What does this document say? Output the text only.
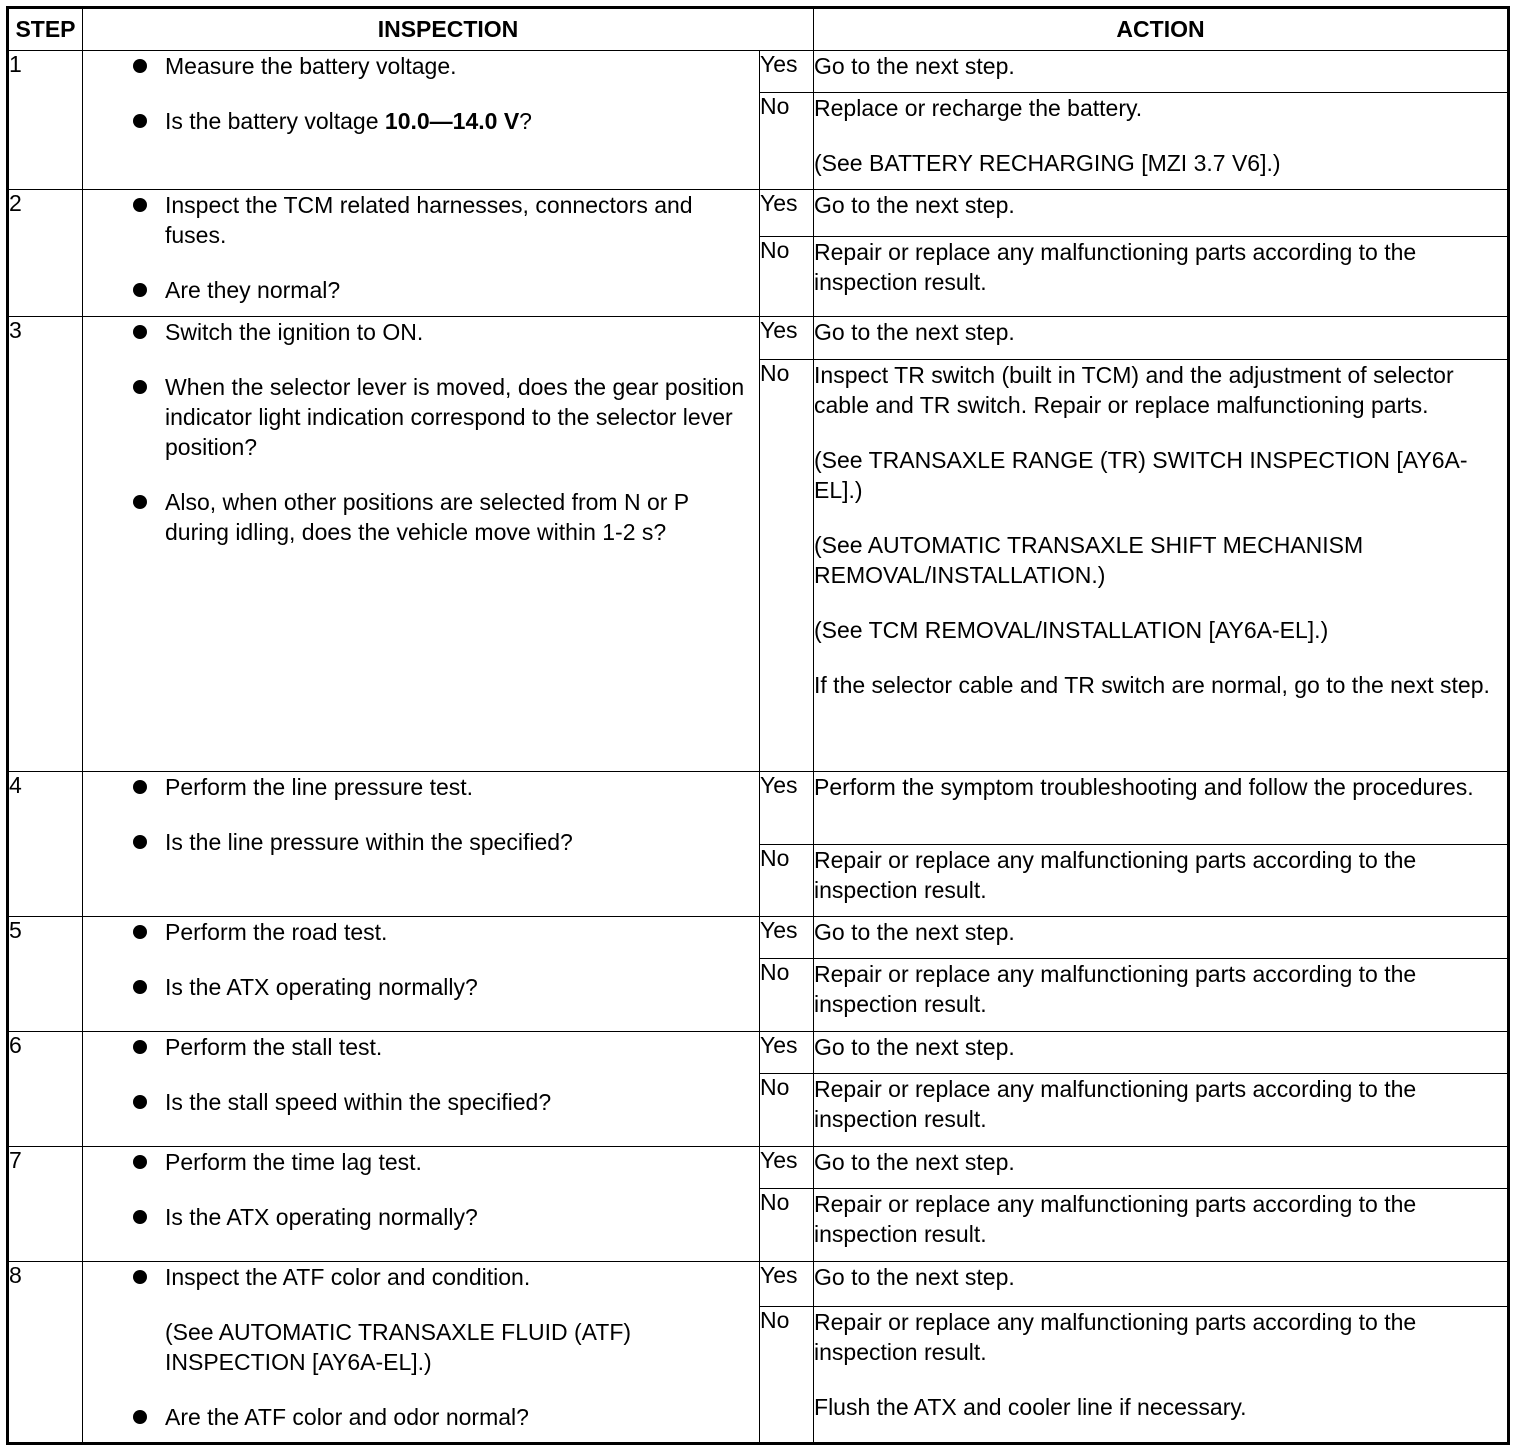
STEP	INSPECTION		ACTION
1	Measure the battery voltage.
Is the battery voltage 10.0—14.0 V?	Yes	Go to the next step.

		No	Replace or recharge the battery.
(See BATTERY RECHARGING [MZI 3.7 V6].)

2	Inspect the TCM related harnesses, connectors and fuses.
Are they normal?	Yes	Go to the next step.

		No	Repair or replace any malfunctioning parts according to the inspection result.

3	Switch the ignition to ON.
When the selector lever is moved, does the gear position indicator light indication correspond to the selector lever position?
Also, when other positions are selected from N or P during idling, does the vehicle move within 1-2 s?	Yes	Go to the next step.

		No	Inspect TR switch (built in TCM) and the adjustment of selector cable and TR switch. Repair or replace malfunctioning parts.
(See TRANSAXLE RANGE (TR) SWITCH INSPECTION [AY6A-EL].)
(See AUTOMATIC TRANSAXLE SHIFT MECHANISM REMOVAL/INSTALLATION.)
(See TCM REMOVAL/INSTALLATION [AY6A-EL].)
If the selector cable and TR switch are normal, go to the next step.

4	Perform the line pressure test.
Is the line pressure within the specified?	Yes	Perform the symptom troubleshooting and follow the procedures.

		No	Repair or replace any malfunctioning parts according to the inspection result.

5	Perform the road test.
Is the ATX operating normally?	Yes	Go to the next step.

		No	Repair or replace any malfunctioning parts according to the inspection result.

6	Perform the stall test.
Is the stall speed within the specified?	Yes	Go to the next step.

		No	Repair or replace any malfunctioning parts according to the inspection result.

7	Perform the time lag test.
Is the ATX operating normally?	Yes	Go to the next step.

		No	Repair or replace any malfunctioning parts according to the inspection result.

8	Inspect the ATF color and condition.
(See AUTOMATIC TRANSAXLE FLUID (ATF) INSPECTION [AY6A-EL].)
Are the ATF color and odor normal?	Yes	Go to the next step.

		No	Repair or replace any malfunctioning parts according to the inspection result.
Flush the ATX and cooler line if necessary.
